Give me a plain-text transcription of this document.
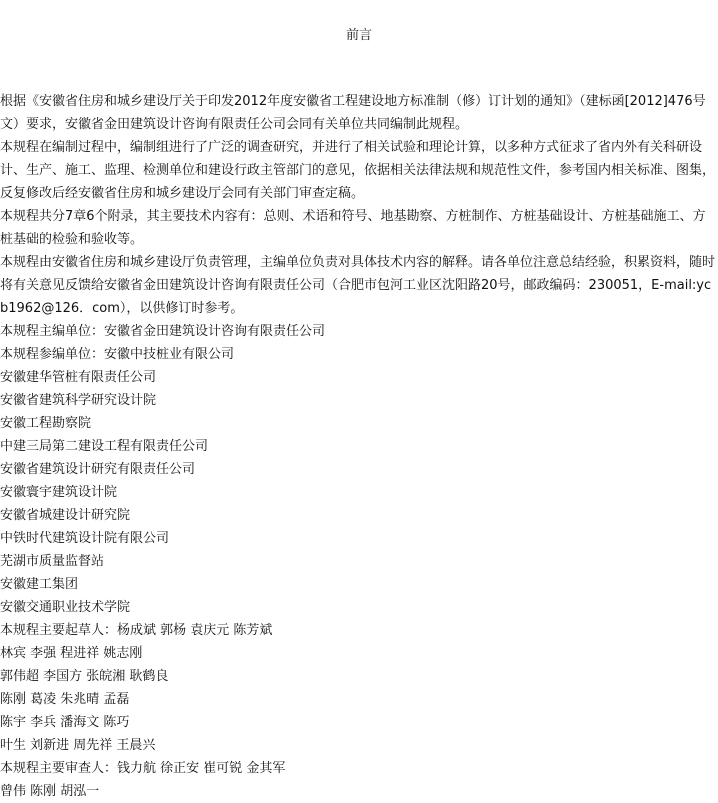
前言

根据《安徽省住房和城乡建设厅关于印发2012年度安徽省工程建设地方标准制（修）订计划的通知》（建标函[2012]476号文）要求，安徽省金田建筑设计咨询有限责任公司会同有关单位共同编制此规程。

本规程在编制过程中，编制组进行了广泛的调查研究，并进行了相关试验和理论计算，以多种方式征求了省内外有关科研设计、生产、施工、监理、检测单位和建设行政主管部门的意见，依据相关法律法规和规范性文件，参考国内相关标准、图集，反复修改后经安徽省住房和城乡建设厅会同有关部门审查定稿。

本规程共分7章6个附录，其主要技术内容有：总则、术语和符号、地基勘察、方桩制作、方桩基础设计、方桩基础施工、方桩基础的检验和验收等。

本规程由安徽省住房和城乡建设厅负责管理，主编单位负责对具体技术内容的解释。请各单位注意总结经验，积累资料，随时将有关意见反馈给安徽省金田建筑设计咨询有限责任公司（合肥市包河工业区沈阳路20号，邮政编码：230051，E-mail:ycb1962@126．com），以供修订时参考。

本规程主编单位：安徽省金田建筑设计咨询有限责任公司
本规程参编单位：安徽中技桩业有限公司
安徽建华管桩有限责任公司
安徽省建筑科学研究设计院
安徽工程勘察院
中建三局第二建设工程有限责任公司
安徽省建筑设计研究有限责任公司
安徽寰宇建筑设计院
安徽省城建设计研究院
中铁时代建筑设计院有限公司
芜湖市质量监督站
安徽建工集团
安徽交通职业技术学院
本规程主要起草人：杨成斌 郭杨 袁庆元 陈芳斌
林宾 李强 程进祥 姚志刚
郭伟超 李国方 张皖湘 耿鹤良
陈刚 葛凌 朱兆晴 孟磊
陈宇 李兵 潘海文 陈巧
叶生 刘新进 周先祥 王晨兴
本规程主要审查人：钱力航 徐正安 崔可锐 金其军
曾伟 陈刚 胡泓一
